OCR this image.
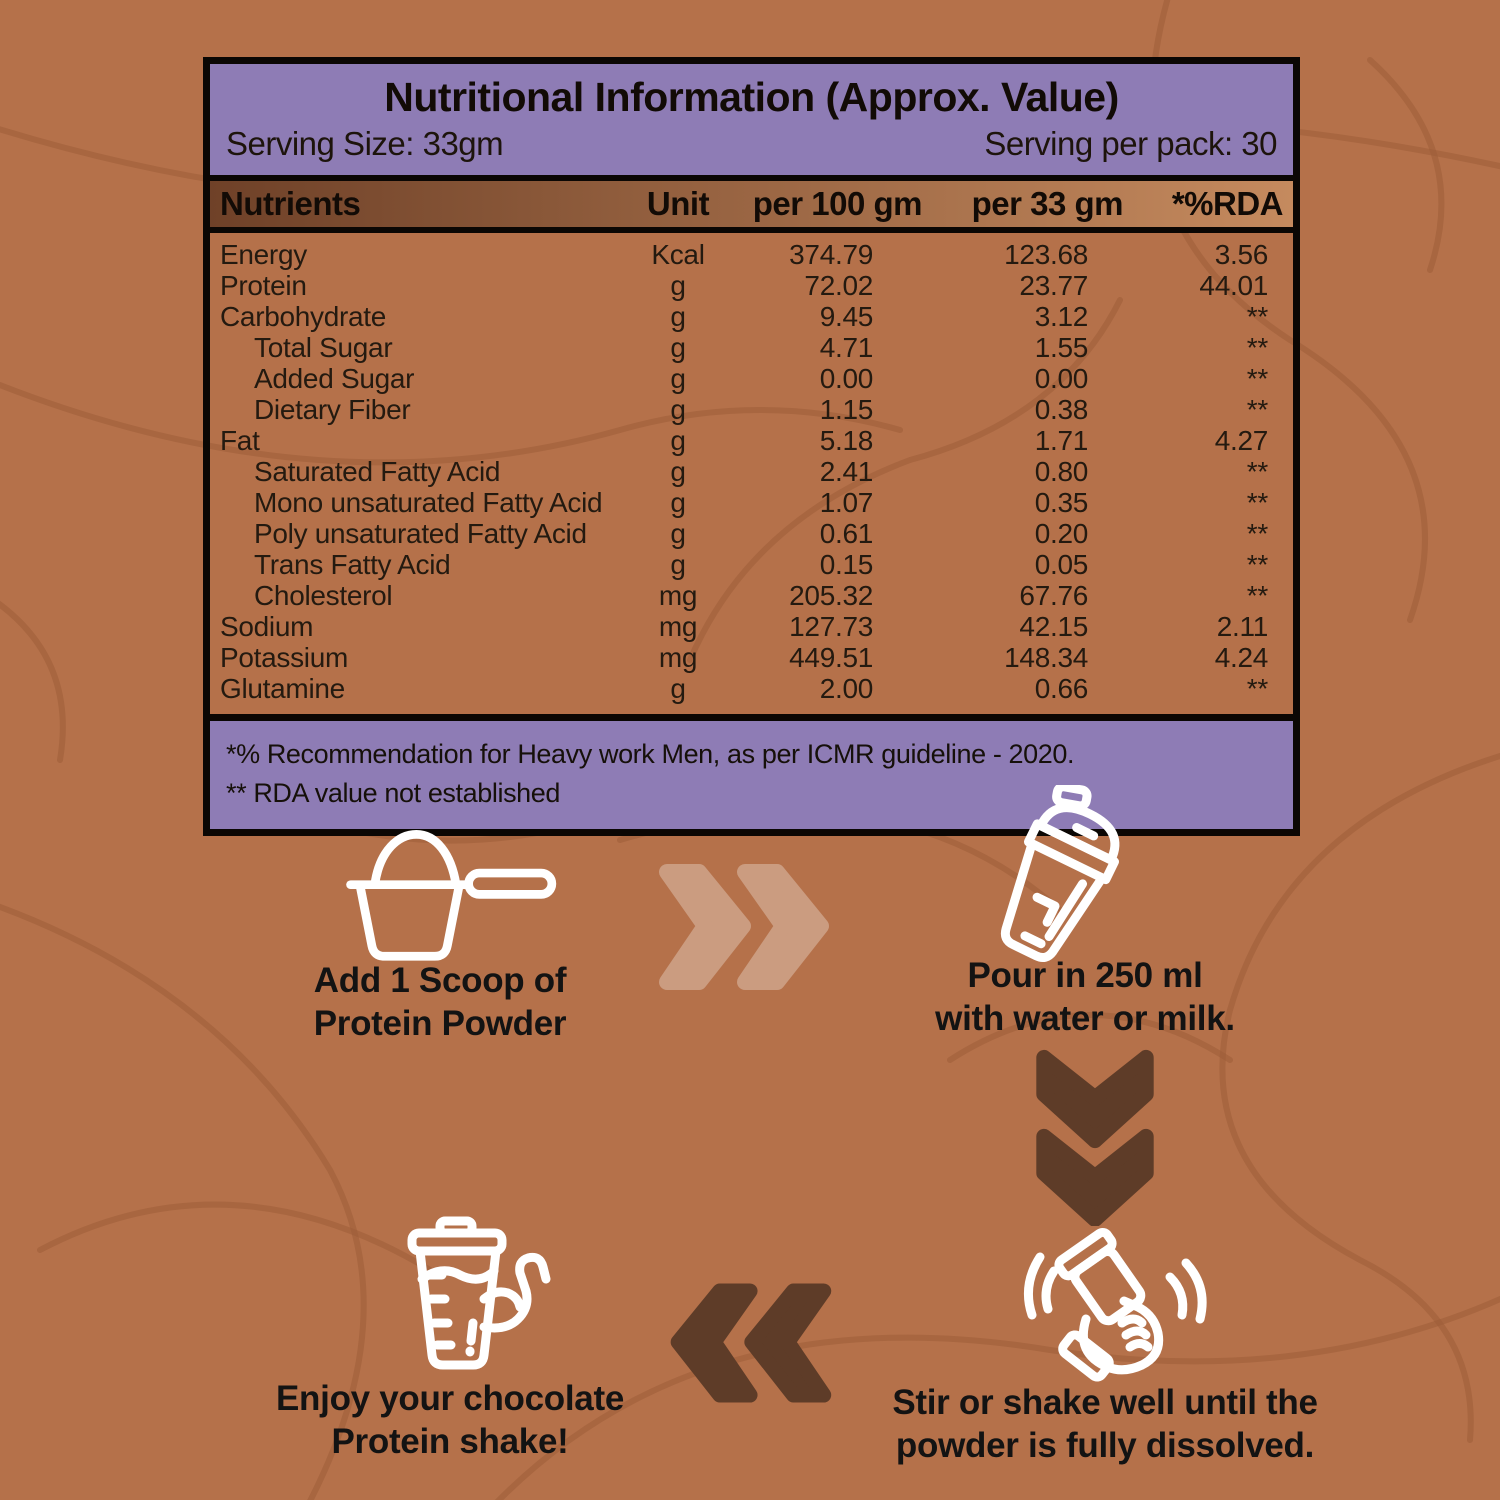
Nutritional Information (Approx. Value)
Serving Size: 33gm	Serving per pack: 30
Nutrients	Unit	per 100 gm	per 33 gm	*%RDA
Energy	Kcal	374.79	123.68	3.56
Protein	g	72.02	23.77	44.01
Carbohydrate	g	9.45	3.12	**
Total Sugar	g	4.71	1.55	**
Added Sugar	g	0.00	0.00	**
Dietary Fiber	g	1.15	0.38	**
Fat	g	5.18	1.71	4.27
Saturated Fatty Acid	g	2.41	0.80	**
Mono unsaturated Fatty Acid	g	1.07	0.35	**
Poly unsaturated Fatty Acid	g	0.61	0.20	**
Trans Fatty Acid	g	0.15	0.05	**
Cholesterol	mg	205.32	67.76	**
Sodium	mg	127.73	42.15	2.11
Potassium	mg	449.51	148.34	4.24
Glutamine	g	2.00	0.66	**
*% Recommendation for Heavy work Men, as per ICMR guideline - 2020.
** RDA value not established
Add 1 Scoop of
Protein Powder
Pour in 250 ml
with water or milk.
Enjoy your chocolate
Protein shake!
Stir or shake well until the
powder is fully dissolved.
